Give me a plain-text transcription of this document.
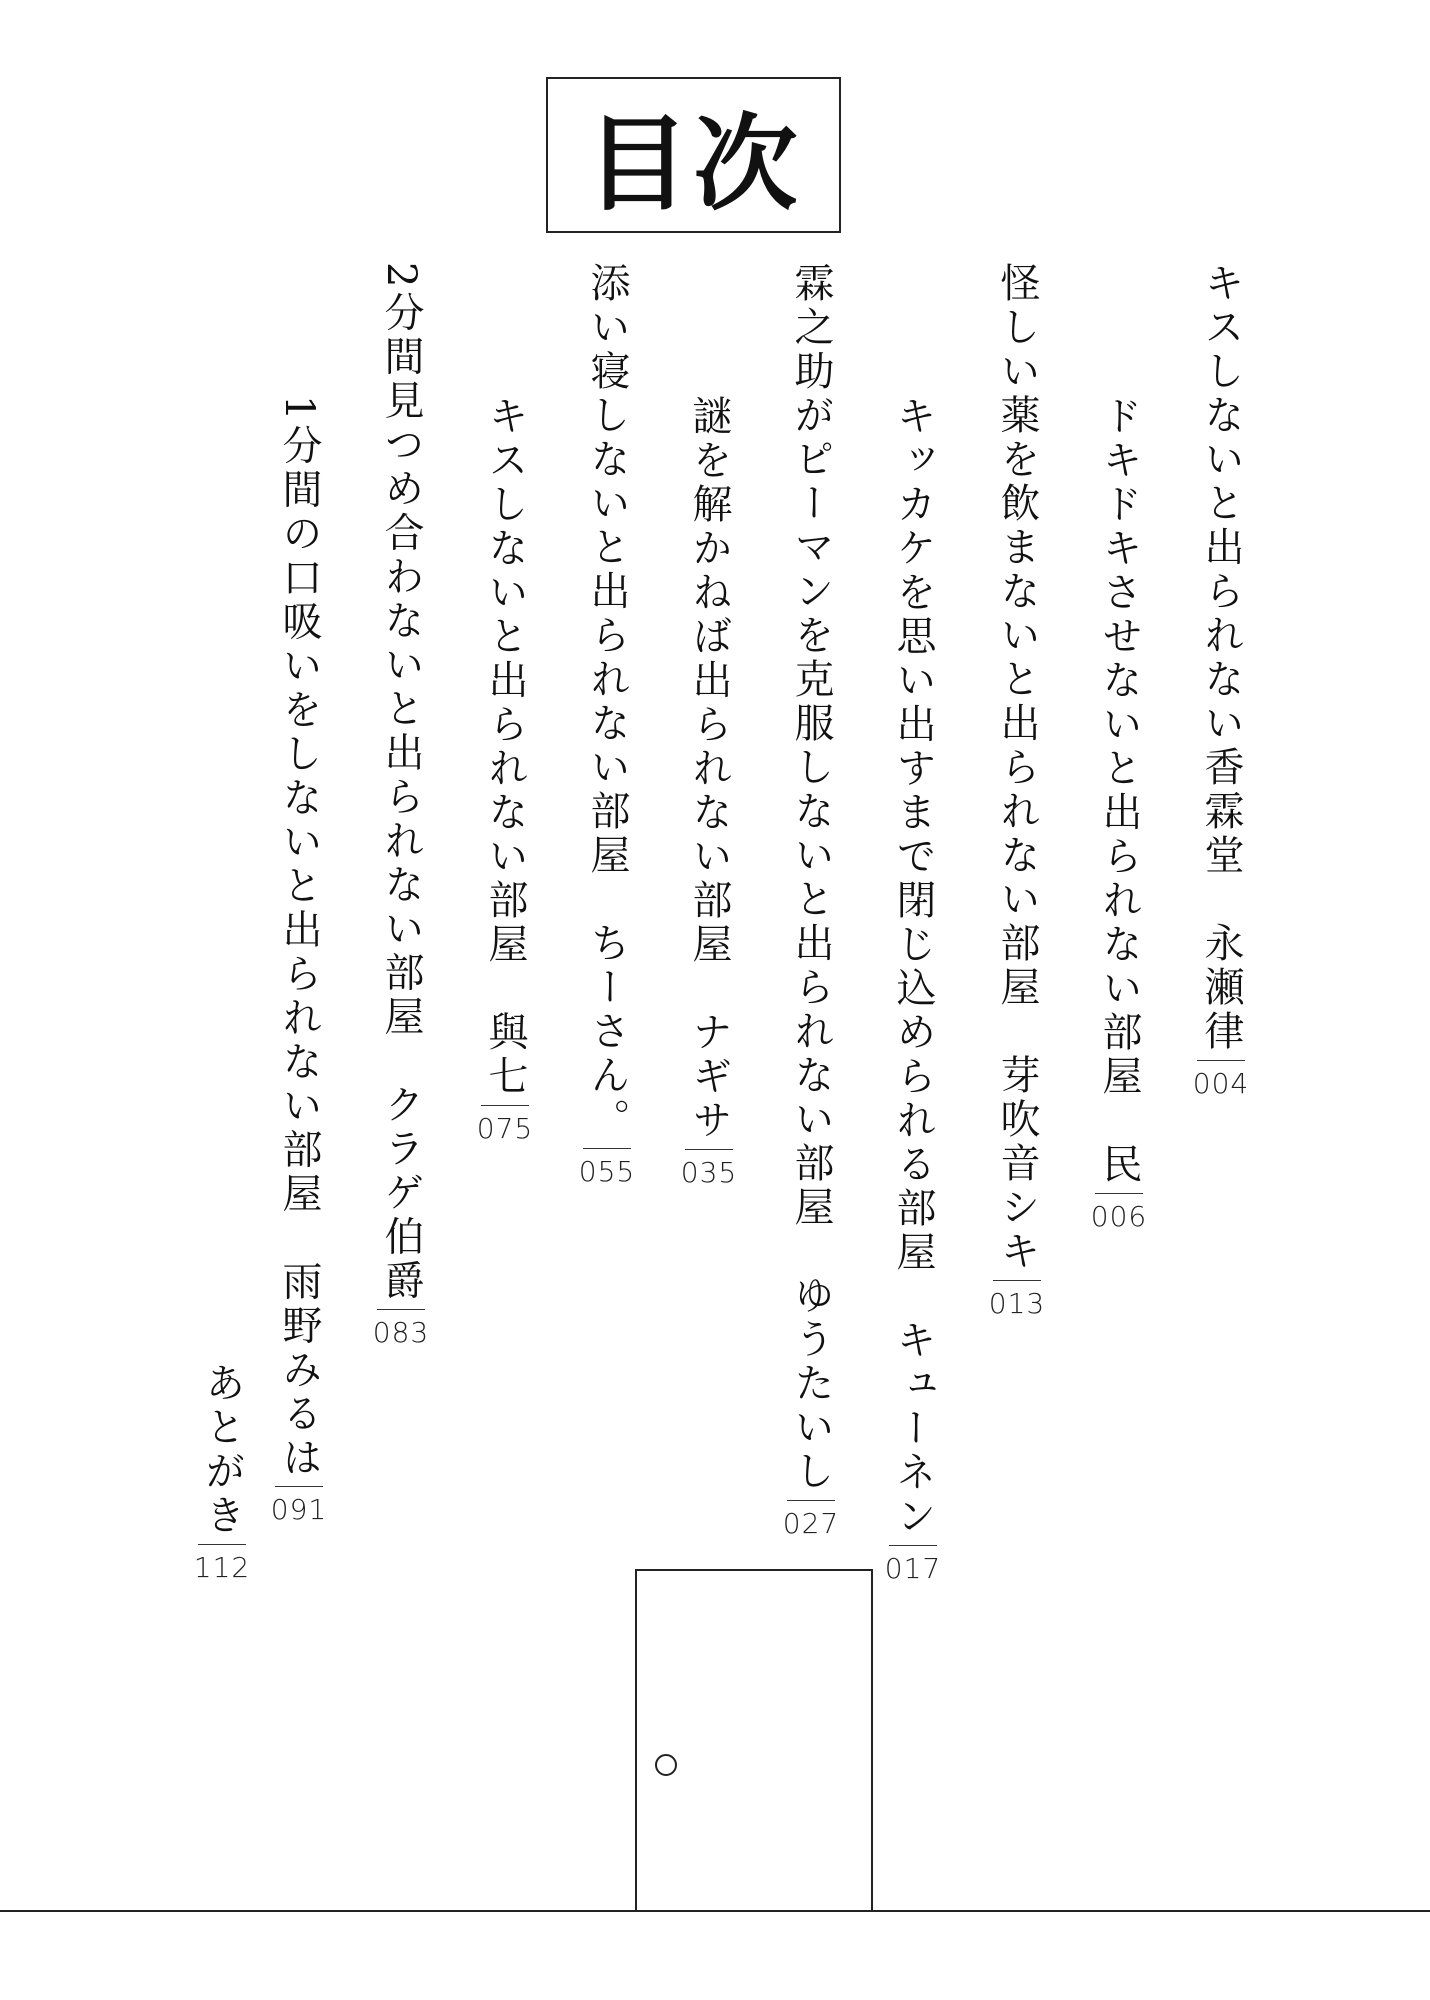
目次
キスしないと出られない香霖堂永瀬律
004
ドキドキさせないと出られない部屋民
006
怪しい薬を飲まないと出られない部屋芽吹音シキ
013
キッカケを思い出すまで閉じ込められる部屋キューネン
017
霖之助がピーマンを克服しないと出られない部屋ゆうたいし
027
謎を解かねば出られない部屋ナギサ
035
添い寝しないと出られない部屋ちーさん。
055
キスしないと出られない部屋與七
075
2分間見つめ合わないと出られない部屋クラゲ伯爵
083
1分間の口吸いをしないと出られない部屋雨野みるは
091
あとがき
112
